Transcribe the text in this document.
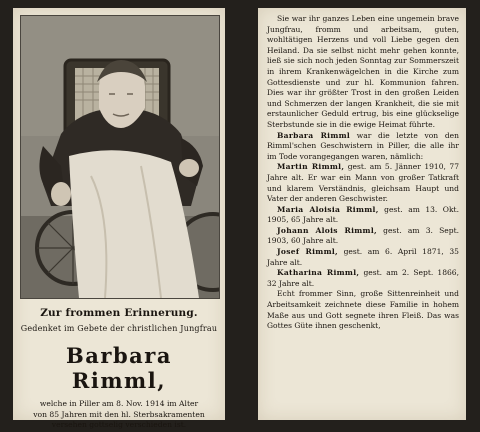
Zur frommen Erinnerung.
Gedenket im Gebete der christlichen Jungfrau
Barbara Rimml,
welche in Piller am 8. Nov. 1914 im Alter
von 85 Jahren mit den hl. Sterbsakramenten
versehen gottselig verschieden ist.

Sie war ihr ganzes Leben eine ungemein brave Jungfrau, fromm und arbeitsam, guten, wohltätigen Herzens und voll Liebe gegen den Heiland. Da sie selbst nicht mehr gehen konnte, ließ sie sich noch jeden Sonntag zur Sommerszeit in ihrem Krankenwägelchen in die Kirche zum Gottesdienste und zur hl. Kommunion fahren. Dies war ihr größter Trost in den großen Leiden und Schmerzen der langen Krankheit, die sie mit erstaunlicher Geduld ertrug, bis eine glückselige Sterbstunde sie in die ewige Heimat führte.

Barbara Rimml war die letzte von den Rimml'schen Geschwistern in Piller, die alle ihr im Tode vorangegangen waren, nämlich:

Martin Rimml, gest. am 5. Jänner 1910, 77 Jahre alt. Er war ein Mann von großer Tatkraft und klarem Verständnis, gleichsam Haupt und Vater der anderen Geschwister.

Maria Aloisia Rimml, gest. am 13. Okt. 1905, 65 Jahre alt.

Johann Alois Rimml, gest. am 3. Sept. 1903, 60 Jahre alt.

Josef Rimml, gest. am 6. April 1871, 35 Jahre alt.

Katharina Rimml, gest. am 2. Sept. 1866, 32 Jahre alt.

Echt frommer Sinn, große Sittenreinheit und Arbeitsamkeit zeichnete diese Familie in hohem Maße aus und Gott segnete ihren Fleiß. Das was Gottes Güte ihnen geschenkt,
